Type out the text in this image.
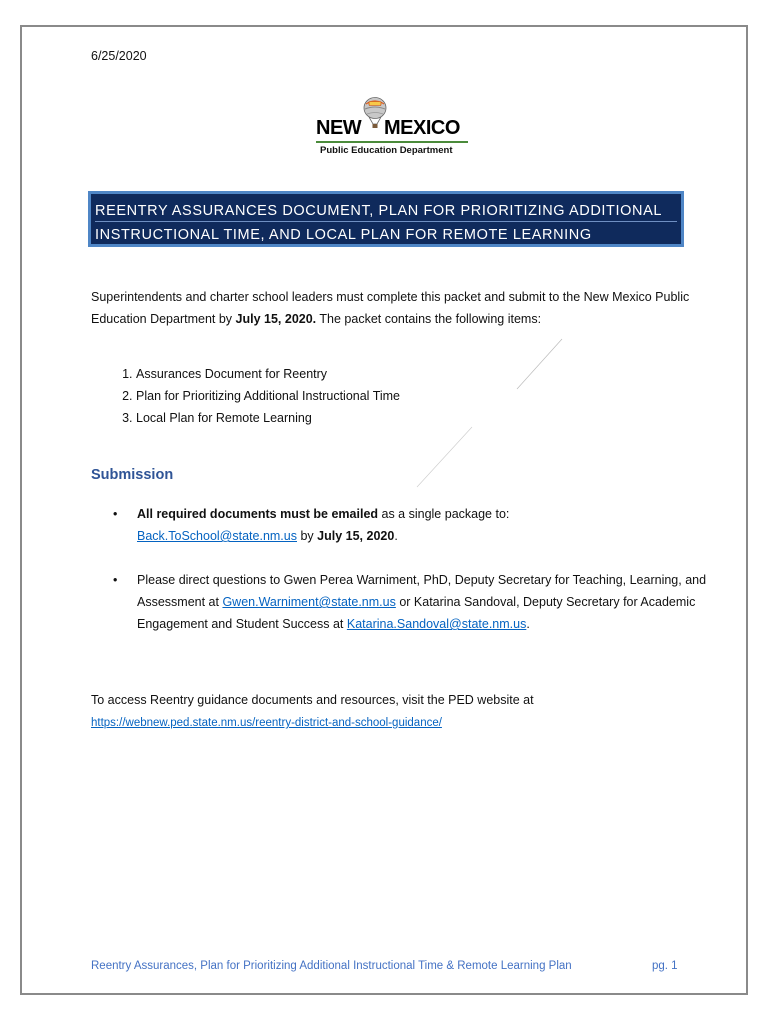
6/25/2020
NEW MEXICO
Public Education Department
REENTRY ASSURANCES DOCUMENT, PLAN FOR PRIORITIZING ADDITIONAL
INSTRUCTIONAL TIME, AND LOCAL PLAN FOR REMOTE LEARNING

Superintendents and charter school leaders must complete this packet and submit to the New Mexico Public Education Department by July 15, 2020. The packet contains the following items:

1. Assurances Document for Reentry
2. Plan for Prioritizing Additional Instructional Time
3. Local Plan for Remote Learning
Submission
• All required documents must be emailed as a single package to:
Back.ToSchool@state.nm.us by July 15, 2020.
• Please direct questions to Gwen Perea Warniment, PhD, Deputy Secretary for Teaching, Learning, and Assessment at Gwen.Warniment@state.nm.us or Katarina Sandoval, Deputy Secretary for Academic Engagement and Student Success at Katarina.Sandoval@state.nm.us.

To access Reentry guidance documents and resources, visit the PED website at
https://webnew.ped.state.nm.us/reentry-district-and-school-guidance/

Reentry Assurances, Plan for Prioritizing Additional Instructional Time & Remote Learning Plan	pg. 1
